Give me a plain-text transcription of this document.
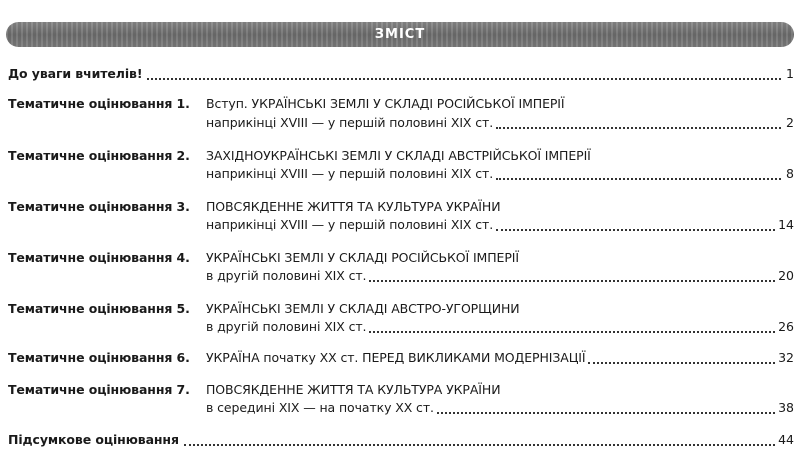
ЗМІСТ
До уваги вчителів!	1
Тематичне оцінювання 1.	Вступ. УКРАЇНСЬКІ ЗЕМЛІ У СКЛАДІ РОСІЙСЬКОЇ ІМПЕРІЇ
наприкінці XVIII — у першій половині XIX ст.	2
Тематичне оцінювання 2.	ЗАХІДНОУКРАЇНСЬКІ ЗЕМЛІ У СКЛАДІ АВСТРІЙСЬКОЇ ІМПЕРІЇ
наприкінці XVIII — у першій половині XIX ст.	8
Тематичне оцінювання 3.	ПОВСЯКДЕННЕ ЖИТТЯ ТА КУЛЬТУРА УКРАЇНИ
наприкінці XVIII — у першій половині XIX ст.	14
Тематичне оцінювання 4.	УКРАЇНСЬКІ ЗЕМЛІ У СКЛАДІ РОСІЙСЬКОЇ ІМПЕРІЇ
в другій половині XIX ст.	20
Тематичне оцінювання 5.	УКРАЇНСЬКІ ЗЕМЛІ У СКЛАДІ АВСТРО-УГОРЩИНИ
в другій половині XIX ст.	26
Тематичне оцінювання 6.	УКРАЇНА початку XX ст. ПЕРЕД ВИКЛИКАМИ МОДЕРНІЗАЦІЇ	32
Тематичне оцінювання 7.	ПОВСЯКДЕННЕ ЖИТТЯ ТА КУЛЬТУРА УКРАЇНИ
в середині XIX — на початку XX ст.	38
Підсумкове оцінювання	44
